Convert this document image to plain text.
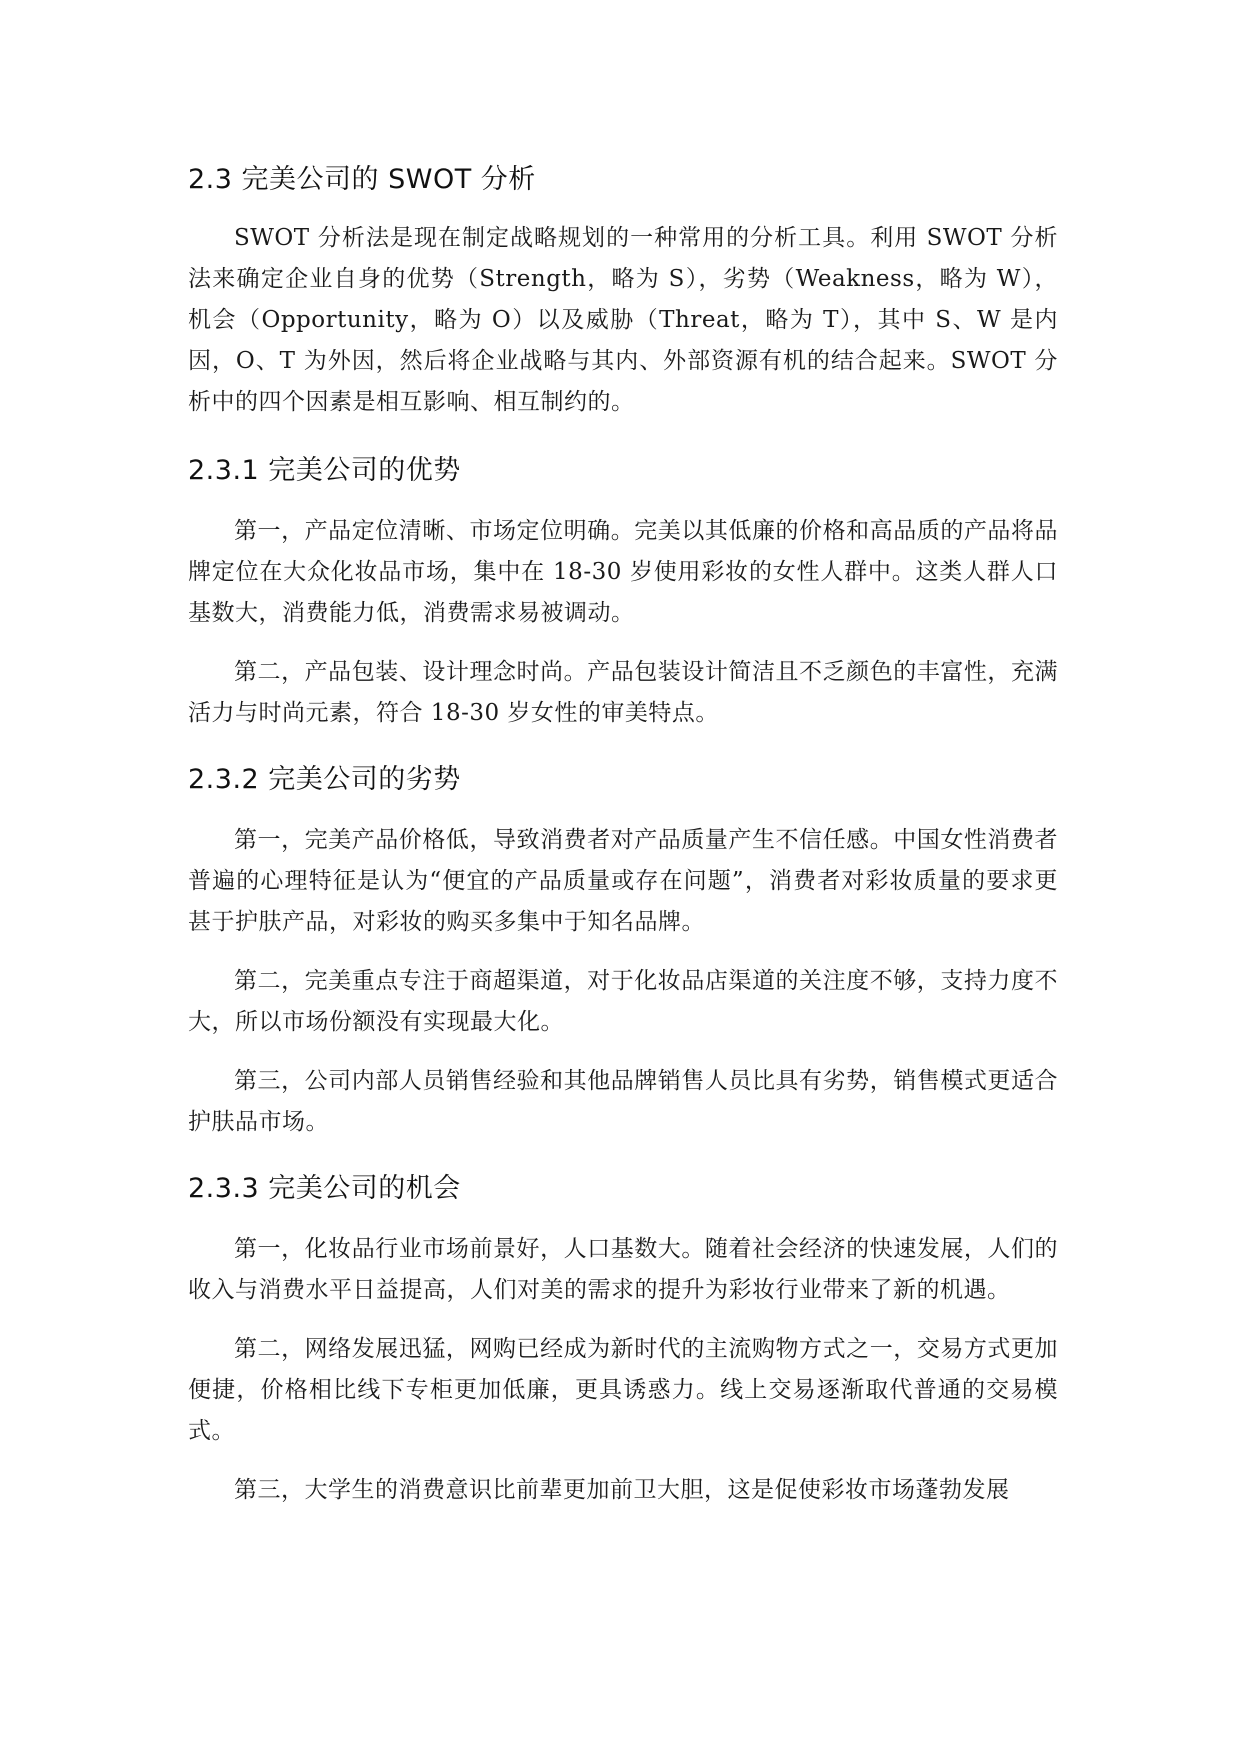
2.3 完美公司的 SWOT 分析

SWOT 分析法是现在制定战略规划的一种常用的分析工具。利用 SWOT 分析法来确定企业自身的优势（Strength，略为 S），劣势（Weakness，略为 W），机会（Opportunity，略为 O）以及威胁（Threat，略为 T），其中 S、W 是内因，O、T 为外因，然后将企业战略与其内、外部资源有机的结合起来。SWOT 分析中的四个因素是相互影响、相互制约的。

2.3.1 完美公司的优势

第一，产品定位清晰、市场定位明确。完美以其低廉的价格和高品质的产品将品牌定位在大众化妆品市场，集中在 18-30 岁使用彩妆的女性人群中。这类人群人口基数大，消费能力低，消费需求易被调动。

第二，产品包装、设计理念时尚。产品包装设计简洁且不乏颜色的丰富性，充满活力与时尚元素，符合 18-30 岁女性的审美特点。

2.3.2 完美公司的劣势

第一，完美产品价格低，导致消费者对产品质量产生不信任感。中国女性消费者普遍的心理特征是认为“便宜的产品质量或存在问题”，消费者对彩妆质量的要求更甚于护肤产品，对彩妆的购买多集中于知名品牌。

第二，完美重点专注于商超渠道，对于化妆品店渠道的关注度不够，支持力度不大，所以市场份额没有实现最大化。

第三，公司内部人员销售经验和其他品牌销售人员比具有劣势，销售模式更适合护肤品市场。

2.3.3 完美公司的机会

第一，化妆品行业市场前景好，人口基数大。随着社会经济的快速发展，人们的收入与消费水平日益提高，人们对美的需求的提升为彩妆行业带来了新的机遇。

第二，网络发展迅猛，网购已经成为新时代的主流购物方式之一，交易方式更加便捷，价格相比线下专柜更加低廉，更具诱惑力。线上交易逐渐取代普通的交易模式。

第三，大学生的消费意识比前辈更加前卫大胆，这是促使彩妆市场蓬勃发展
